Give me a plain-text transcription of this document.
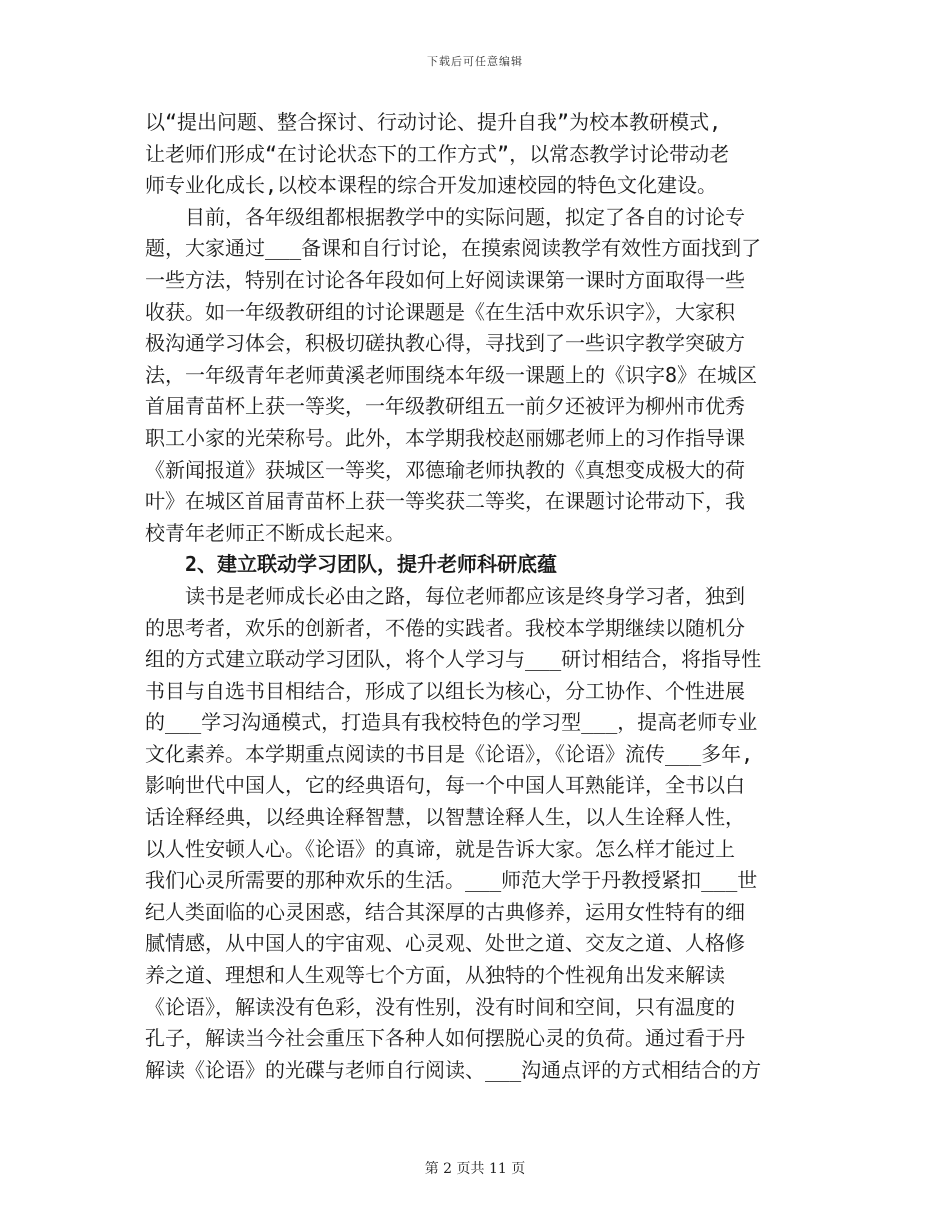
下载后可任意编辑
以“提出问题、整合探讨、行动讨论、提升自我”为校本教研模式,
让老师们形成“在讨论状态下的工作方式”，以常态教学讨论带动老
师专业化成长,以校本课程的综合开发加速校园的特色文化建设。
目前，各年级组都根据教学中的实际问题，拟定了各自的讨论专
题，大家通过___备课和自行讨论，在摸索阅读教学有效性方面找到了
一些方法，特别在讨论各年段如何上好阅读课第一课时方面取得一些
收获。如一年级教研组的讨论课题是《在生活中欢乐识字》，大家积
极沟通学习体会，积极切磋执教心得，寻找到了一些识字教学突破方
法，一年级青年老师黄溪老师围绕本年级一课题上的《识字8》在城区
首届青苗杯上获一等奖，一年级教研组五一前夕还被评为柳州市优秀
职工小家的光荣称号。此外，本学期我校赵丽娜老师上的习作指导课
《新闻报道》获城区一等奖，邓德瑜老师执教的《真想变成极大的荷
叶》在城区首届青苗杯上获一等奖获二等奖，在课题讨论带动下，我
校青年老师正不断成长起来。
2、建立联动学习团队，提升老师科研底蕴
读书是老师成长必由之路，每位老师都应该是终身学习者，独到
的思考者，欢乐的创新者，不倦的实践者。我校本学期继续以随机分
组的方式建立联动学习团队，将个人学习与___研讨相结合，将指导性
书目与自选书目相结合，形成了以组长为核心，分工协作、个性进展
的___学习沟通模式，打造具有我校特色的学习型___，提高老师专业
文化素养。本学期重点阅读的书目是《论语》，《论语》流传___多年,
影响世代中国人，它的经典语句，每一个中国人耳熟能详，全书以白
话诠释经典，以经典诠释智慧，以智慧诠释人生，以人生诠释人性，
以人性安顿人心。《论语》的真谛，就是告诉大家。怎么样才能过上
我们心灵所需要的那种欢乐的生活。___师范大学于丹教授紧扣___世
纪人类面临的心灵困惑，结合其深厚的古典修养，运用女性特有的细
腻情感，从中国人的宇宙观、心灵观、处世之道、交友之道、人格修
养之道、理想和人生观等七个方面，从独特的个性视角出发来解读
《论语》，解读没有色彩，没有性别，没有时间和空间，只有温度的
孔子，解读当今社会重压下各种人如何摆脱心灵的负荷。通过看于丹
解读《论语》的光碟与老师自行阅读、___沟通点评的方式相结合的方
第 2 页共 11 页
